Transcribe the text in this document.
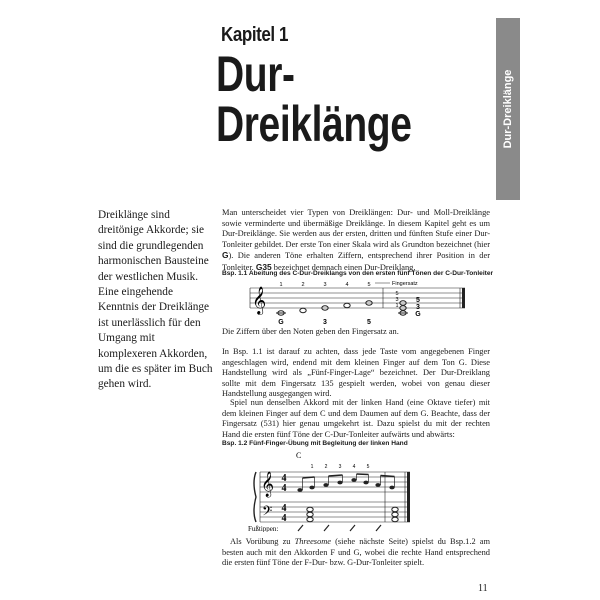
Dur-Dreiklänge
Kapitel 1
Dur-
Dreiklänge
Dreiklänge sind dreitönige Akkorde; sie sind die grundlegenden harmonischen Bausteine der westlichen Musik. Eine eingehende Kenntnis der Dreiklänge ist unerlässlich für den Umgang mit komplexeren Akkorden, um die es später im Buch gehen wird.
Man unterscheidet vier Typen von Dreiklängen: Dur- und Moll-Dreiklänge sowie verminderte und übermäßige Dreiklänge. In diesem Kapitel geht es um Dur-Dreiklänge. Sie werden aus der ersten, dritten und fünften Stufe einer Dur-Tonleiter gebildet. Der erste Ton einer Skala wird als Grundton bezeichnet (hier G). Die anderen Töne erhalten Ziffern, entsprechend ihrer Position in der Tonleiter. G35 bezeichnet demnach einen Dur-Dreiklang.
Bsp. 1.1 Abeitung des C-Dur-Dreiklangs von den ersten fünf Tönen der C-Dur-Tonleiter
𝄞
1	2	3	4	5
5
3
1
Fingersatz
G	3	5
5
3
G
Die Ziffern über den Noten geben den Fingersatz an.
In Bsp. 1.1 ist darauf zu achten, dass jede Taste vom angegebenen Finger angeschlagen wird, endend mit dem kleinen Finger auf dem Ton G. Diese Handstellung wird als „Fünf-Finger-Lage“ bezeichnet. Der Dur-Dreiklang sollte mit dem Fingersatz 135 gespielt werden, wobei von genau dieser Handstellung ausgegangen wird.
Spiel nun denselben Akkord mit der linken Hand (eine Oktave tiefer) mit dem kleinen Finger auf dem C und dem Daumen auf dem G. Beachte, dass der Fingersatz (531) hier genau umgekehrt ist. Dazu spielst du mit der rechten Hand die ersten fünf Töne der C-Dur-Tonleiter aufwärts und abwärts:
Bsp. 1.2 Fünf-Finger-Übung mit Begleitung der linken Hand
C
1 2 3 4 5
𝄞
𝄢
4
4
4
4
Fußtippen:
Als Vorübung zu Threesome (siehe nächste Seite) spielst du Bsp.1.2 am besten auch mit den Akkorden F und G, wobei die rechte Hand entsprechend die ersten fünf Töne der F-Dur- bzw. G-Dur-Tonleiter spielt.
11
